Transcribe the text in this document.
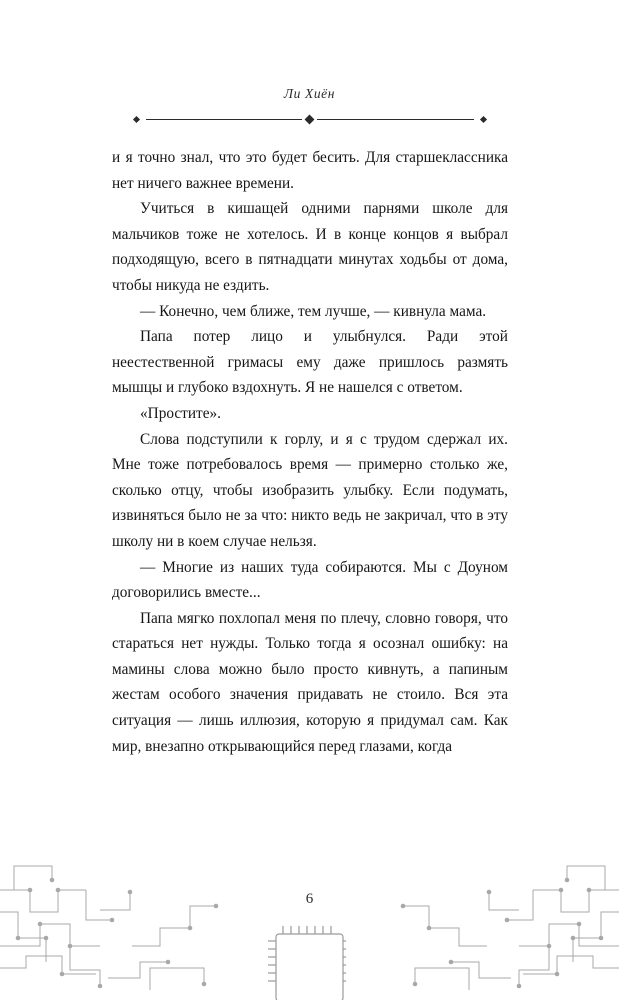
Ли Хиён

и я точно знал, что это будет бесить. Для старшеклассника нет ничего важнее времени.

Учиться в кишащей одними парнями школе для мальчиков тоже не хотелось. И в конце концов я выбрал подходящую, всего в пятнадцати минутах ходьбы от дома, чтобы никуда не ездить.

— Конечно, чем ближе, тем лучше, — кивнула мама.

Папа потер лицо и улыбнулся. Ради этой неестественной гримасы ему даже пришлось размять мышцы и глубоко вздохнуть. Я не нашелся с ответом.

«Простите».

Слова подступили к горлу, и я с трудом сдержал их. Мне тоже потребовалось время — примерно столько же, сколько отцу, чтобы изобразить улыбку. Если подумать, извиняться было не за что: никто ведь не закричал, что в эту школу ни в коем случае нельзя.

— Многие из наших туда собираются. Мы с Доуном договорились вместе...

Папа мягко похлопал меня по плечу, словно говоря, что стараться нет нужды. Только тогда я осознал ошибку: на мамины слова можно было просто кивнуть, а папиным жестам особого значения придавать не стоило. Вся эта ситуация — лишь иллюзия, которую я придумал сам. Как мир, внезапно открывающийся перед глазами, когда

6
